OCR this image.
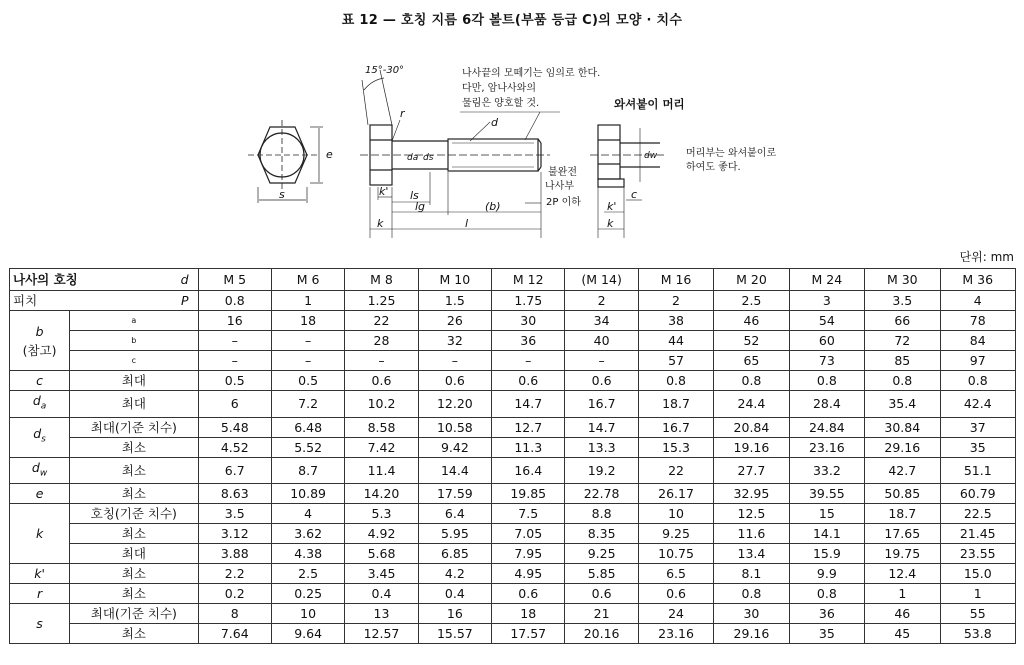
표 12 — 호칭 지름 6각 볼트(부품 등급 C)의 모양 · 치수
e
s
r
d
da ds
k' ls
lg	(b)
l
k
dw
c
k
k'
15°-30°	나사끝의 모떼기는 임의로 한다.
다만, 암나사와의
물림은 양호할 것.	와셔붙이 머리
머리부는 와셔붙이로
하여도 좋다.
불완전
나사부
2P 이하
단위: mm
나사의 호칭 d		M 5	M 6	M 8	M 10	M 12	(M 14)	M 16	M 20	M 24	M 30	M 36

피치 P		0.8	1	1.25	1.5	1.75	2	2	2.5	3	3.5	4
b
(참고)	a	16	18	22	26	30	34	38	46	54	66	78
	b	–	–	28	32	36	40	44	52	60	72	84
	c	–	–	–	–	–	–	57	65	73	85	97
c	최대	0.5	0.5	0.6	0.6	0.6	0.6	0.8	0.8	0.8	0.8	0.8
$d_a$	최대	6	7.2	10.2	12.20	14.7	16.7	18.7	24.4	28.4	35.4	42.4
$d_s$	최대(기준 치수)	5.48	6.48	8.58	10.58	12.7	14.7	16.7	20.84	24.84	30.84	37
	최소	4.52	5.52	7.42	9.42	11.3	13.3	15.3	19.16	23.16	29.16	35
$d_w$	최소	6.7	8.7	11.4	14.4	16.4	19.2	22	27.7	33.2	42.7	51.1
e	최소	8.63	10.89	14.20	17.59	19.85	22.78	26.17	32.95	39.55	50.85	60.79
k	호칭(기준 치수)	3.5	4	5.3	6.4	7.5	8.8	10	12.5	15	18.7	22.5
	최소	3.12	3.62	4.92	5.95	7.05	8.35	9.25	11.6	14.1	17.65	21.45
	최대	3.88	4.38	5.68	6.85	7.95	9.25	10.75	13.4	15.9	19.75	23.55
k'	최소	2.2	2.5	3.45	4.2	4.95	5.85	6.5	8.1	9.9	12.4	15.0
r	최소	0.2	0.25	0.4	0.4	0.6	0.6	0.6	0.8	0.8	1	1
s	최대(기준 치수)	8	10	13	16	18	21	24	30	36	46	55
	최소	7.64	9.64	12.57	15.57	17.57	20.16	23.16	29.16	35	45	53.8
